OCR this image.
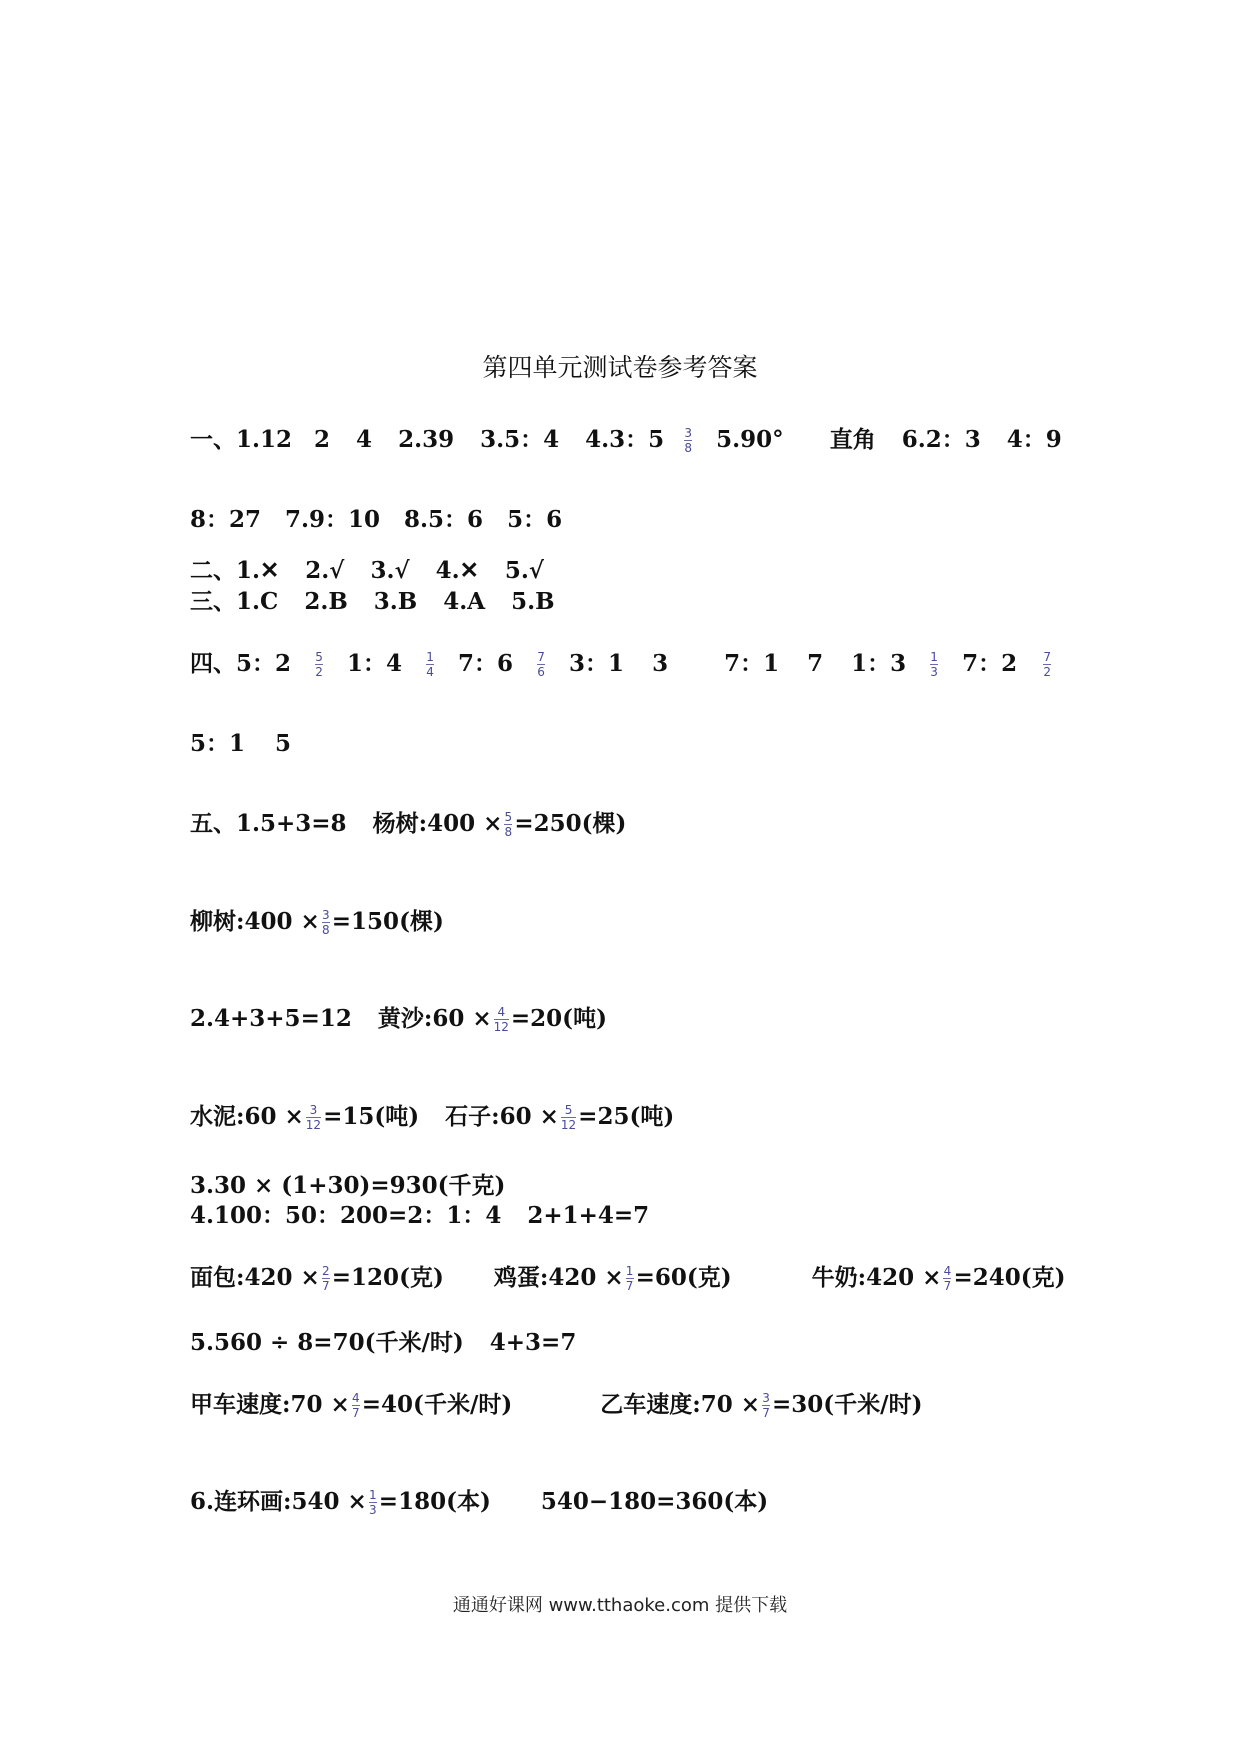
第四单元测试卷参考答案
一、1.12 2 4 2.39 3.5：4 4.3：$5 \frac{3}{8} 5.90^\circ$ 直角 6.2：3 4：9
8：27 7.9：10 8.5：6 5：6
二、1.✕ 2.√ 3.√ 4.✕ 5.√
三、1.C 2.B 3.B 4.A 5.B
四、5：$2 \frac{5}{2} 1$：$4 \frac{1}{4} 7$：$6 \frac{7}{6} 3$：1 3 7：1 7 1：$3 \frac{1}{3} 7$：$2 \frac{7}{2}$
5：1 5
五、1.5+3=8 杨树:400 × $\frac{5}{8} =250$(棵)
柳树:400 × $\frac{3}{8} =150$(棵)
2.4+3+5=12 黄沙:60 × $\frac{4}{12} =20$(吨)
水泥:60 × $\frac{3}{12} =15$(吨) 石子:60 × $\frac{5}{12} =25$(吨)
3.30 × (1+30)=930(千克)
4.100：50：200=2：1：4 2+1+4=7
面包:420 × $\frac{2}{7} =120$(克) 鸡蛋:420 × $\frac{1}{7} =60$(克)	牛奶:420 × $\frac{4}{7} =240$(克)
5.560 ÷ 8=70(千米/时) 4+3=7
甲车速度:70 × $\frac{4}{7} =40$(千米/时)	乙车速度:70 × $\frac{3}{7} =30$(千米/时)
6.连环画:540 × $\frac{1}{3} =180$(本) 540−180=360(本)
通通好课网 www.tthaoke.com 提供下载
